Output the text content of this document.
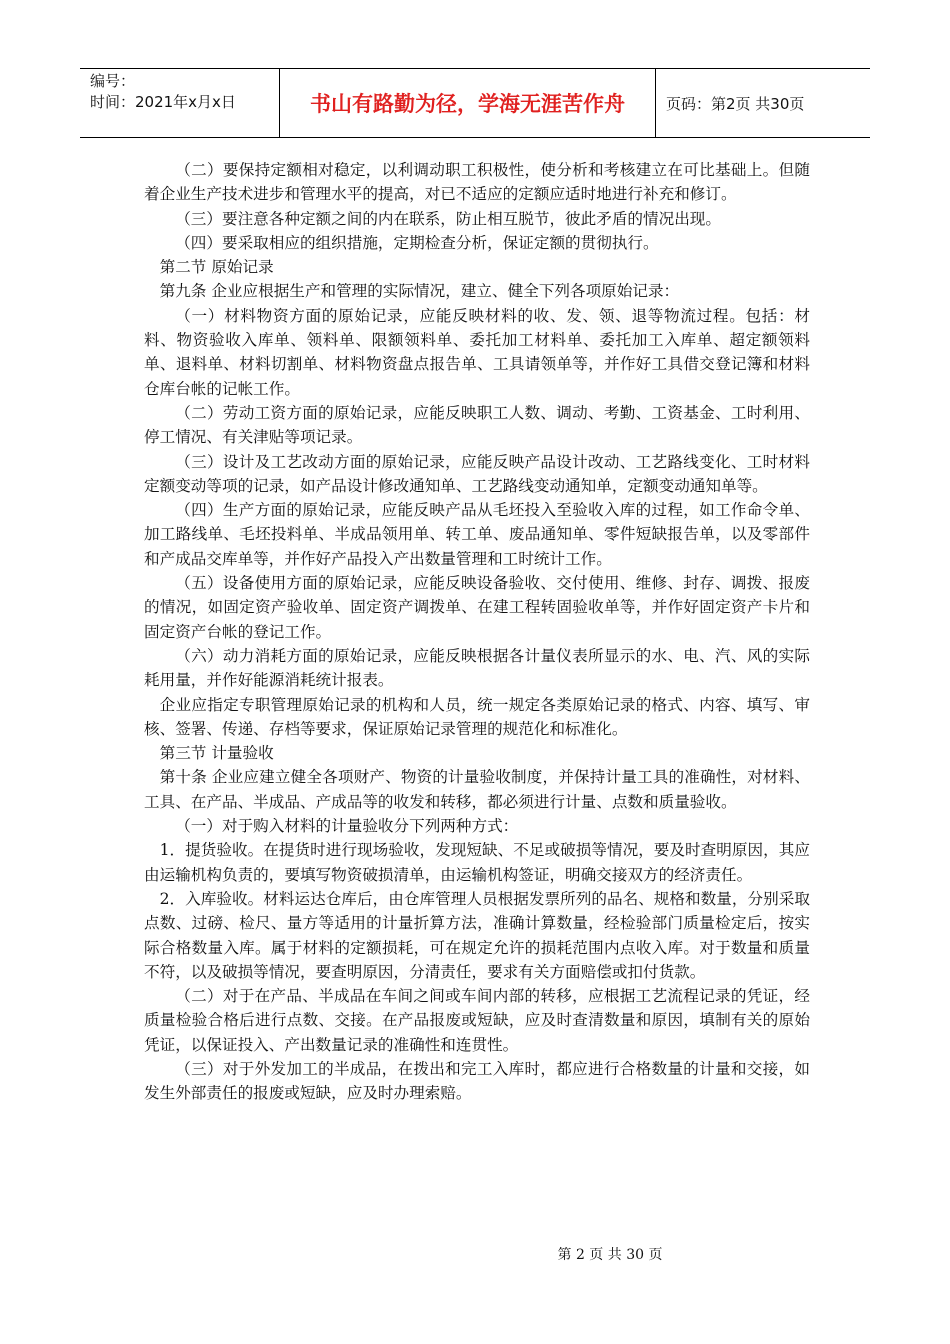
编号：
时间：2021年x月x日	书山有路勤为径，学海无涯苦作舟	页码：第2页 共30页

（二）要保持定额相对稳定，以利调动职工积极性，使分析和考核建立在可比基础上。但随着企业生产技术进步和管理水平的提高，对已不适应的定额应适时地进行补充和修订。

（三）要注意各种定额之间的内在联系，防止相互脱节，彼此矛盾的情况出现。

（四）要采取相应的组织措施，定期检查分析，保证定额的贯彻执行。

第二节 原始记录

第九条 企业应根据生产和管理的实际情况，建立、健全下列各项原始记录：

（一）材料物资方面的原始记录，应能反映材料的收、发、领、退等物流过程。包括：材料、物资验收入库单、领料单、限额领料单、委托加工材料单、委托加工入库单、超定额领料单、退料单、材料切割单、材料物资盘点报告单、工具请领单等，并作好工具借交登记簿和材料仓库台帐的记帐工作。

（二）劳动工资方面的原始记录，应能反映职工人数、调动、考勤、工资基金、工时利用、停工情况、有关津贴等项记录。

（三）设计及工艺改动方面的原始记录，应能反映产品设计改动、工艺路线变化、工时材料定额变动等项的记录，如产品设计修改通知单、工艺路线变动通知单，定额变动通知单等。

（四）生产方面的原始记录，应能反映产品从毛坯投入至验收入库的过程，如工作命令单、加工路线单、毛坯投料单、半成品领用单、转工单、废品通知单、零件短缺报告单，以及零部件和产成品交库单等，并作好产品投入产出数量管理和工时统计工作。

（五）设备使用方面的原始记录，应能反映设备验收、交付使用、维修、封存、调拨、报废的情况，如固定资产验收单、固定资产调拨单、在建工程转固验收单等，并作好固定资产卡片和固定资产台帐的登记工作。

（六）动力消耗方面的原始记录，应能反映根据各计量仪表所显示的水、电、汽、风的实际耗用量，并作好能源消耗统计报表。

企业应指定专职管理原始记录的机构和人员，统一规定各类原始记录的格式、内容、填写、审核、签署、传递、存档等要求，保证原始记录管理的规范化和标准化。

第三节 计量验收

第十条 企业应建立健全各项财产、物资的计量验收制度，并保持计量工具的准确性，对材料、工具、在产品、半成品、产成品等的收发和转移，都必须进行计量、点数和质量验收。

（一）对于购入材料的计量验收分下列两种方式：

1．提货验收。在提货时进行现场验收，发现短缺、不足或破损等情况，要及时查明原因，其应由运输机构负责的，要填写物资破损清单，由运输机构签证，明确交接双方的经济责任。

2．入库验收。材料运达仓库后，由仓库管理人员根据发票所列的品名、规格和数量，分别采取点数、过磅、检尺、量方等适用的计量折算方法，准确计算数量，经检验部门质量检定后，按实际合格数量入库。属于材料的定额损耗，可在规定允许的损耗范围内点收入库。对于数量和质量不符，以及破损等情况，要查明原因，分清责任，要求有关方面赔偿或扣付货款。

（二）对于在产品、半成品在车间之间或车间内部的转移，应根据工艺流程记录的凭证，经质量检验合格后进行点数、交接。在产品报废或短缺，应及时查清数量和原因，填制有关的原始凭证，以保证投入、产出数量记录的准确性和连贯性。

（三）对于外发加工的半成品，在拨出和完工入库时，都应进行合格数量的计量和交接，如发生外部责任的报废或短缺，应及时办理索赔。

第 2 页 共 30 页
